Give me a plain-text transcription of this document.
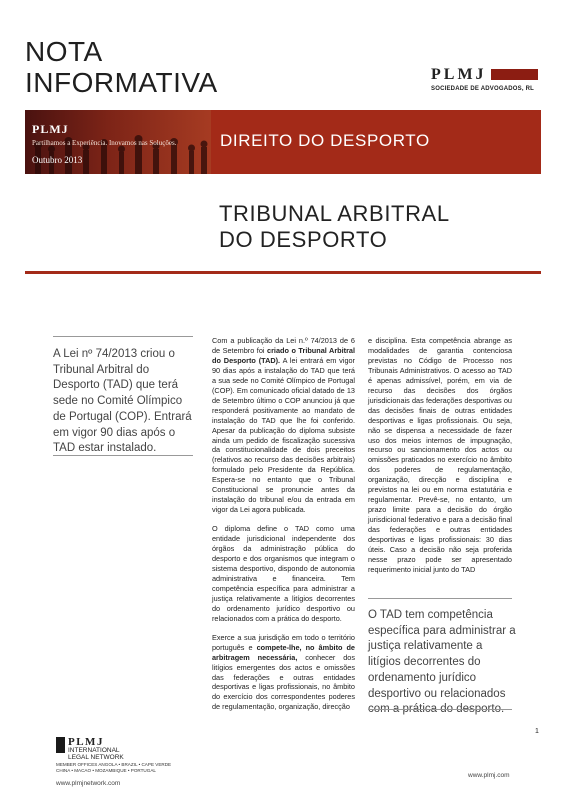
NOTA
INFORMATIVA	PLMJ
SOCIEDADE DE ADVOGADOS, RL
PLMJ
Partilhamos a Experiência. Inovamos nas Soluções.
Outubro 2013
DIREITO DO DESPORTO
TRIBUNAL ARBITRAL
DO DESPORTO
A Lei nº 74/2013 criou o Tribunal Arbitral do Desporto (TAD) que terá sede no Comité Olímpico de Portugal (COP). Entrará em vigor 90 dias após o TAD estar instalado.

Com a publicação da Lei n.º 74/2013 de 6 de Setembro foi criado o Tribunal Arbitral do Desporto (TAD). A lei entrará em vigor 90 dias após a instalação do TAD que terá a sua sede no Comité Olímpico de Portugal (COP). Em comunicado oficial datado de 13 de Setembro último o COP anunciou já que responderá positivamente ao mandato de instalação do TAD que lhe foi conferido. Apesar da publicação do diploma subsiste ainda um pedido de fiscalização sucessiva da constitucionalidade de dois preceitos (relativos ao recurso das decisões arbitrais) formulado pelo Presidente da República. Espera-se no entanto que o Tribunal Constitucional se pronuncie antes da instalação do tribunal e/ou da entrada em vigor da Lei agora publicada.

O diploma define o TAD como uma entidade jurisdicional independente dos órgãos da administração pública do desporto e dos organismos que integram o sistema desportivo, dispondo de autonomia administrativa e financeira. Tem competência específica para administrar a justiça relativamente a litígios decorrentes do ordenamento jurídico desportivo ou relacionados com a prática do desporto.

Exerce a sua jurisdição em todo o território português e compete-lhe, no âmbito de arbitragem necessária, conhecer dos litígios emergentes dos actos e omissões das federações e outras entidades desportivas e ligas profissionais, no âmbito do exercício dos correspondentes poderes de regulamentação, organização, direcção

e disciplina. Esta competência abrange as modalidades de garantia contenciosa previstas no Código de Processo nos Tribunais Administrativos. O acesso ao TAD é apenas admissível, porém, em via de recurso das decisões dos órgãos jurisdicionais das federações desportivas ou das decisões finais de outras entidades desportivas e ligas profissionais. Ou seja, não se dispensa a necessidade de fazer uso dos meios internos de impugnação, recurso ou sancionamento dos actos ou omissões praticados no exercício no âmbito dos poderes de regulamentação, organização, direcção e disciplina e previstos na lei ou em norma estatutária e regulamentar. Prevê-se, no entanto, um prazo limite para a decisão do órgão jurisdicional federativo e para a decisão final das federações e outras entidades desportivas e ligas profissionais: 30 dias úteis. Caso a decisão não seja proferida nesse prazo pode ser apresentado requerimento inicial junto do TAD

O TAD tem competência específica para administrar a justiça relativamente a litígios decorrentes do ordenamento jurídico desportivo ou relacionados com a prática do desporto.
1
PLMJ
INTERNATIONAL
LEGAL NETWORK
MEMBER OFFICES ANGOLA • BRAZIL • CAPE VERDE
CHINA • MACAO • MOZAMBIQUE • PORTUGAL
www.plmjnetwork.com
www.plmj.com
